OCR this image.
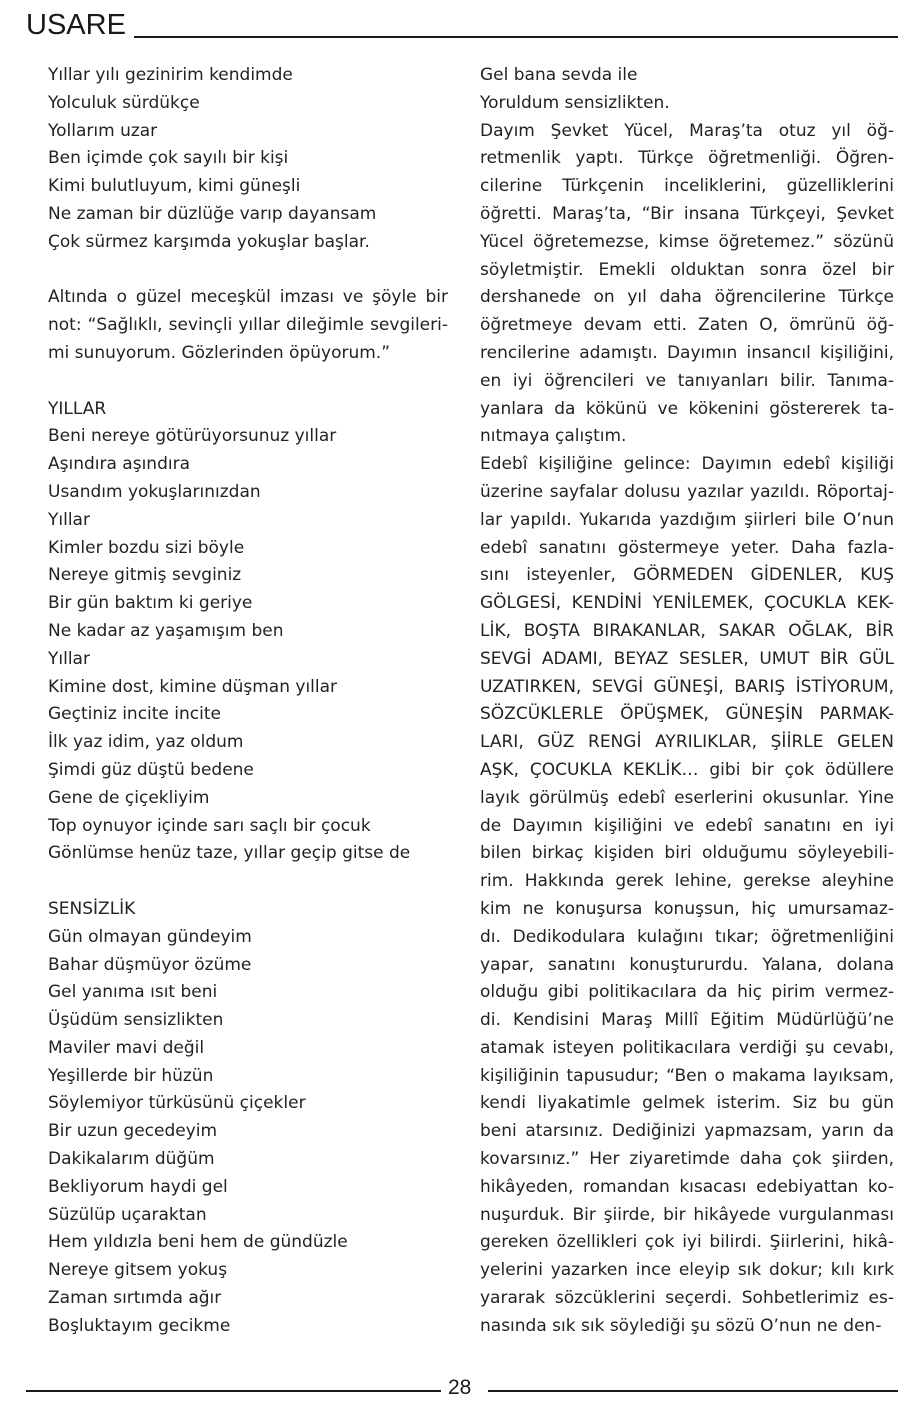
USARE
Yıllar yılı gezinirim kendimde
Yolculuk sürdükçe
Yollarım uzar
Ben içimde çok sayılı bir kişi
Kimi bulutluyum, kimi güneşli
Ne zaman bir düzlüğe varıp dayansam
Çok sürmez karşımda yokuşlar başlar.
Altında o güzel meceşkül imzası ve şöyle bir
not: “Sağlıklı, sevinçli yıllar dileğimle sevgileri-
mi sunuyorum. Gözlerinden öpüyorum.”
YILLAR
Beni nereye götürüyorsunuz yıllar
Aşındıra aşındıra
Usandım yokuşlarınızdan
Yıllar
Kimler bozdu sizi böyle
Nereye gitmiş sevginiz
Bir gün baktım ki geriye
Ne kadar az yaşamışım ben
Yıllar
Kimine dost, kimine düşman yıllar
Geçtiniz incite incite
İlk yaz idim, yaz oldum
Şimdi güz düştü bedene
Gene de çiçekliyim
Top oynuyor içinde sarı saçlı bir çocuk
Gönlümse henüz taze, yıllar geçip gitse de
SENSİZLİK
Gün olmayan gündeyim
Bahar düşmüyor özüme
Gel yanıma ısıt beni
Üşüdüm sensizlikten
Maviler mavi değil
Yeşillerde bir hüzün
Söylemiyor türküsünü çiçekler
Bir uzun gecedeyim
Dakikalarım düğüm
Bekliyorum haydi gel
Süzülüp uçaraktan
Hem yıldızla beni hem de gündüzle
Nereye gitsem yokuş
Zaman sırtımda ağır
Boşluktayım gecikme
Gel bana sevda ile
Yoruldum sensizlikten.
Dayım Şevket Yücel, Maraş’ta otuz yıl öğ-
retmenlik yaptı. Türkçe öğretmenliği. Öğren-
cilerine Türkçenin inceliklerini, güzelliklerini
öğretti. Maraş’ta, “Bir insana Türkçeyi, Şevket
Yücel öğretemezse, kimse öğretemez.” sözünü
söyletmiştir. Emekli olduktan sonra özel bir
dershanede on yıl daha öğrencilerine Türkçe
öğretmeye devam etti. Zaten O, ömrünü öğ-
rencilerine adamıştı. Dayımın insancıl kişiliğini,
en iyi öğrencileri ve tanıyanları bilir. Tanıma-
yanlara da kökünü ve kökenini göstererek ta-
nıtmaya çalıştım.
Edebî kişiliğine gelince: Dayımın edebî kişiliği
üzerine sayfalar dolusu yazılar yazıldı. Röportaj-
lar yapıldı. Yukarıda yazdığım şiirleri bile O’nun
edebî sanatını göstermeye yeter. Daha fazla-
sını isteyenler, GÖRMEDEN GİDENLER, KUŞ
GÖLGESİ, KENDİNİ YENİLEMEK, ÇOCUKLA KEK-
LİK, BOŞTA BIRAKANLAR, SAKAR OĞLAK, BİR
SEVGİ ADAMI, BEYAZ SESLER, UMUT BİR GÜL
UZATIRKEN, SEVGİ GÜNEŞİ, BARIŞ İSTİYORUM,
SÖZCÜKLERLE ÖPÜŞMEK, GÜNEŞİN PARMAK-
LARI, GÜZ RENGİ AYRILIKLAR, ŞİİRLE GELEN
AŞK, ÇOCUKLA KEKLİK… gibi bir çok ödüllere
layık görülmüş edebî eserlerini okusunlar. Yine
de Dayımın kişiliğini ve edebî sanatını en iyi
bilen birkaç kişiden biri olduğumu söyleyebili-
rim. Hakkında gerek lehine, gerekse aleyhine
kim ne konuşursa konuşsun, hiç umursamaz-
dı. Dedikodulara kulağını tıkar; öğretmenliğini
yapar, sanatını konuştururdu. Yalana, dolana
olduğu gibi politikacılara da hiç pirim vermez-
di. Kendisini Maraş Millî Eğitim Müdürlüğü’ne
atamak isteyen politikacılara verdiği şu cevabı,
kişiliğinin tapusudur; “Ben o makama layıksam,
kendi liyakatimle gelmek isterim. Siz bu gün
beni atarsınız. Dediğinizi yapmazsam, yarın da
kovarsınız.” Her ziyaretimde daha çok şiirden,
hikâyeden, romandan kısacası edebiyattan ko-
nuşurduk. Bir şiirde, bir hikâyede vurgulanması
gereken özellikleri çok iyi bilirdi. Şiirlerini, hikâ-
yelerini yazarken ince eleyip sık dokur; kılı kırk
yararak sözcüklerini seçerdi. Sohbetlerimiz es-
nasında sık sık söylediği şu sözü O’nun ne den-
28
